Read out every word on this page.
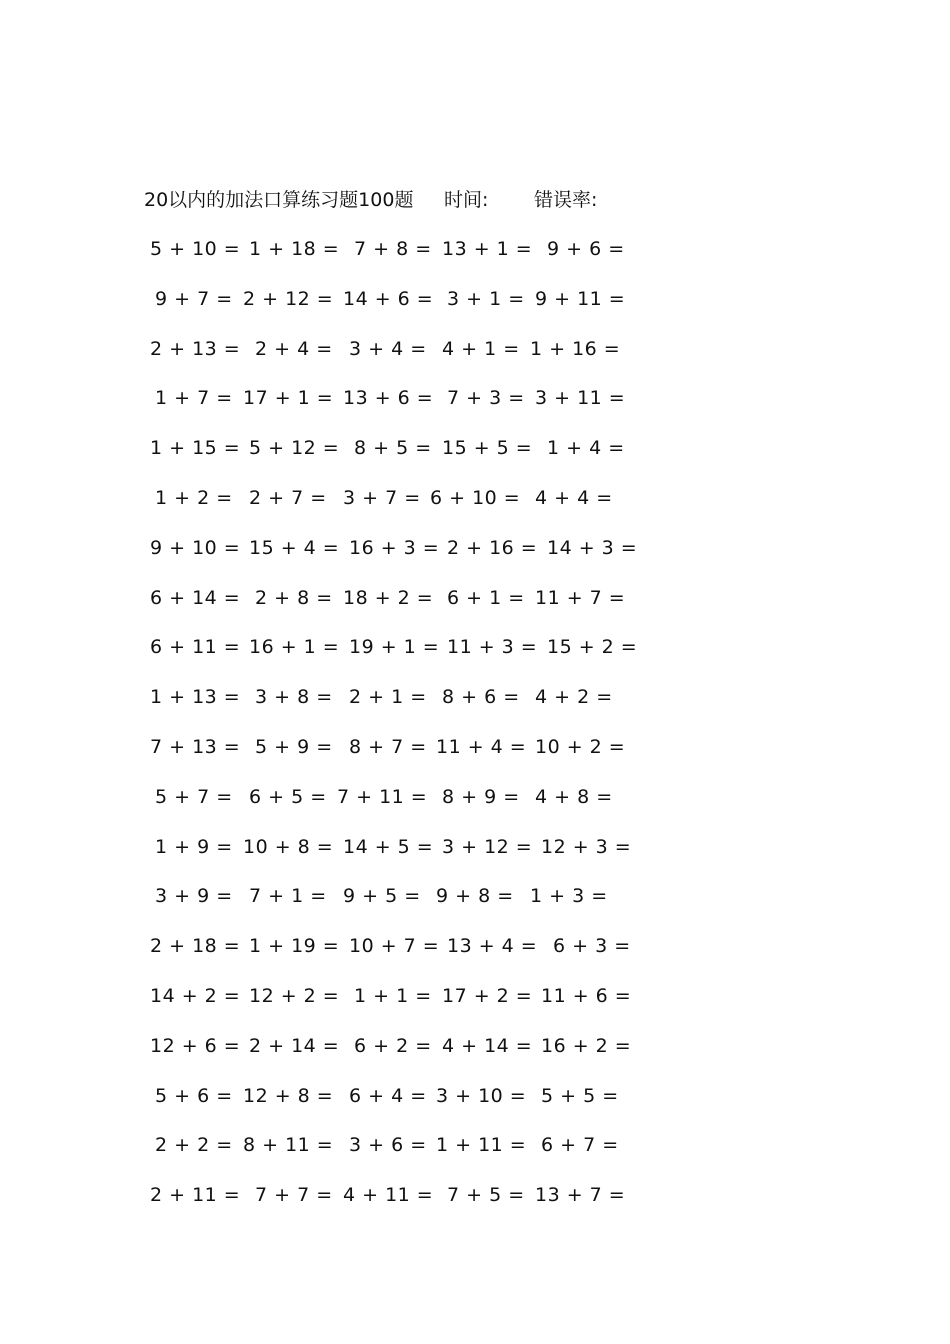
20以内的加法口算练习题100题 时间: 错误率:
5 + 10 = 1 + 18 = 7 + 8 = 13 + 1 = 9 + 6 =
9 + 7 = 2 + 12 = 14 + 6 = 3 + 1 = 9 + 11 =
2 + 13 = 2 + 4 = 3 + 4 = 4 + 1 = 1 + 16 =
1 + 7 = 17 + 1 = 13 + 6 = 7 + 3 = 3 + 11 =
1 + 15 = 5 + 12 = 8 + 5 = 15 + 5 = 1 + 4 =
1 + 2 = 2 + 7 = 3 + 7 = 6 + 10 = 4 + 4 =
9 + 10 = 15 + 4 = 16 + 3 = 2 + 16 = 14 + 3 =
6 + 14 = 2 + 8 = 18 + 2 = 6 + 1 = 11 + 7 =
6 + 11 = 16 + 1 = 19 + 1 = 11 + 3 = 15 + 2 =
1 + 13 = 3 + 8 = 2 + 1 = 8 + 6 = 4 + 2 =
7 + 13 = 5 + 9 = 8 + 7 = 11 + 4 = 10 + 2 =
5 + 7 = 6 + 5 = 7 + 11 = 8 + 9 = 4 + 8 =
1 + 9 = 10 + 8 = 14 + 5 = 3 + 12 = 12 + 3 =
3 + 9 = 7 + 1 = 9 + 5 = 9 + 8 = 1 + 3 =
2 + 18 = 1 + 19 = 10 + 7 = 13 + 4 = 6 + 3 =
14 + 2 = 12 + 2 = 1 + 1 = 17 + 2 = 11 + 6 =
12 + 6 = 2 + 14 = 6 + 2 = 4 + 14 = 16 + 2 =
5 + 6 = 12 + 8 = 6 + 4 = 3 + 10 = 5 + 5 =
2 + 2 = 8 + 11 = 3 + 6 = 1 + 11 = 6 + 7 =
2 + 11 = 7 + 7 = 4 + 11 = 7 + 5 = 13 + 7 =
